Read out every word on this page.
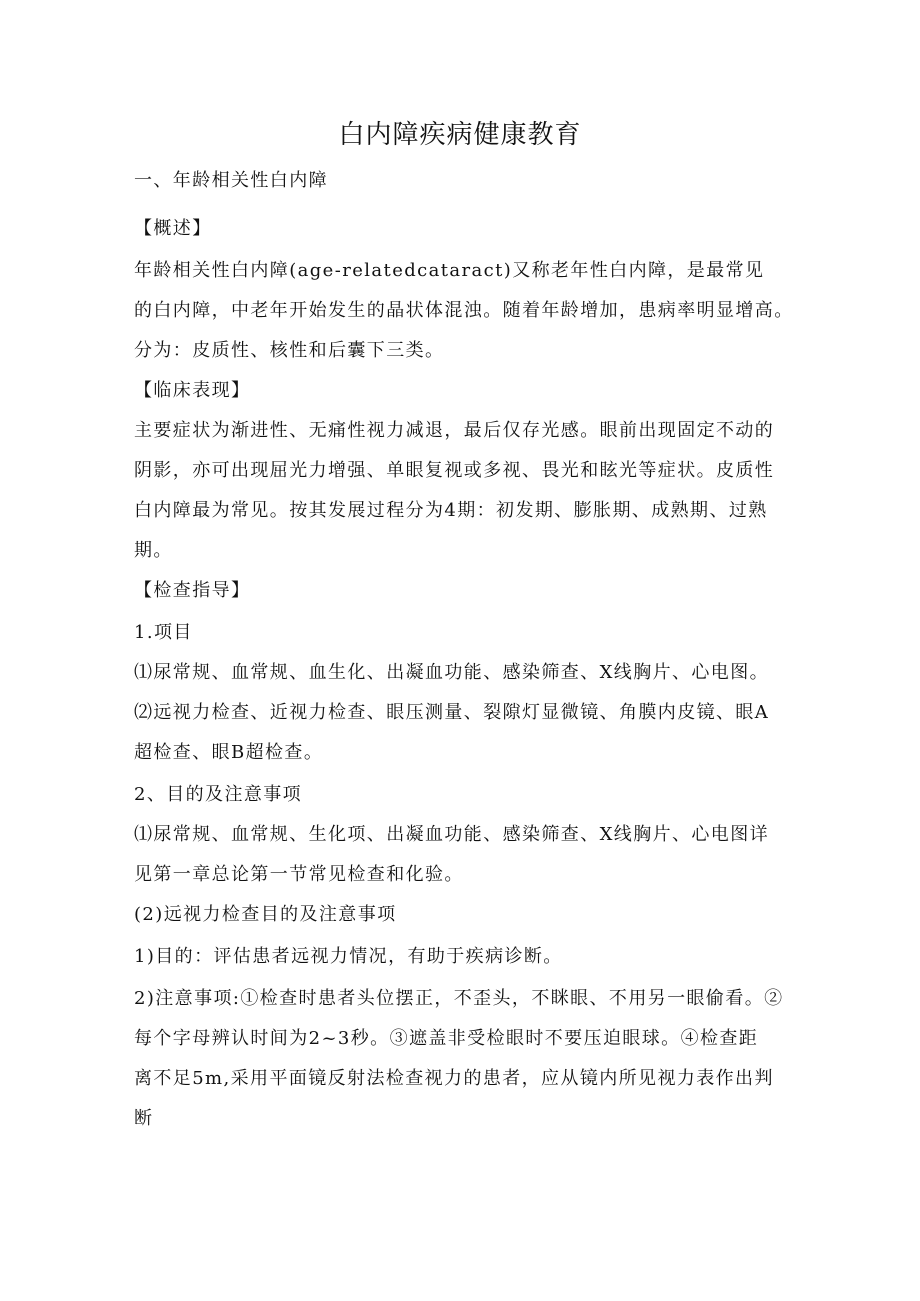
白内障疾病健康教育

一、年龄相关性白内障

【概述】

年龄相关性白内障(age-relatedcataract)又称老年性白内障，是最常见

的白内障，中老年开始发生的晶状体混浊。随着年龄增加，患病率明显增高。

分为：皮质性、核性和后囊下三类。

【临床表现】

主要症状为渐进性、无痛性视力减退，最后仅存光感。眼前出现固定不动的

阴影，亦可出现屈光力增强、单眼复视或多视、畏光和眩光等症状。皮质性

白内障最为常见。按其发展过程分为4期：初发期、膨胀期、成熟期、过熟

期。

【检查指导】

1.项目

⑴尿常规、血常规、血生化、出凝血功能、感染筛查、X线胸片、心电图。

⑵远视力检查、近视力检查、眼压测量、裂隙灯显微镜、角膜内皮镜、眼A

超检查、眼B超检查。

2、目的及注意事项

⑴尿常规、血常规、生化项、出凝血功能、感染筛查、X线胸片、心电图详

见第一章总论第一节常见检查和化验。

(2)远视力检查目的及注意事项

1)目的：评估患者远视力情况，有助于疾病诊断。

2)注意事项:①检查时患者头位摆正，不歪头，不眯眼、不用另一眼偷看。②

每个字母辨认时间为2~3秒。③遮盖非受检眼时不要压迫眼球。④检查距

离不足5m,采用平面镜反射法检查视力的患者，应从镜内所见视力表作出判

断
